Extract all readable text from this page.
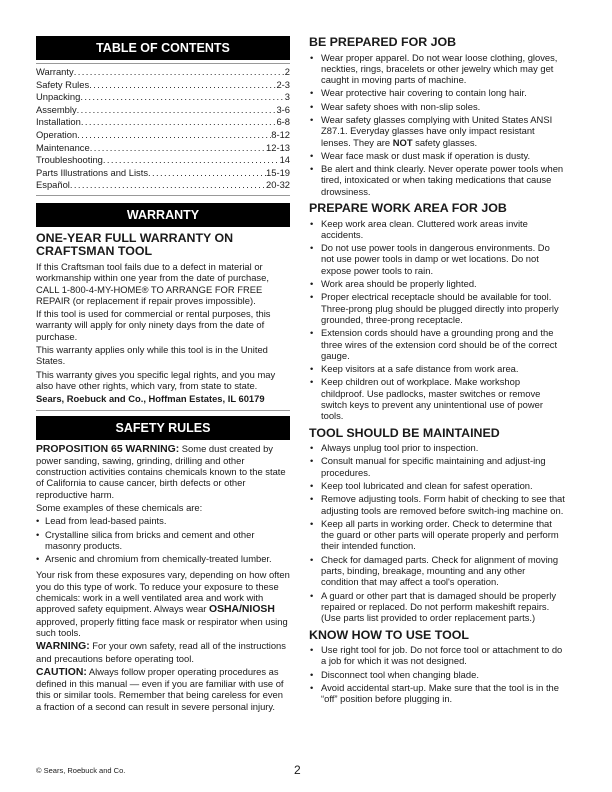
TABLE OF CONTENTS
Warranty .....	2
Safety Rules .....	2-3
Unpacking .....	3
Assembly .....	3-6
Installation .....	6-8
Operation .....	8-12
Maintenance .....	12-13
Troubleshooting .....	14
Parts Illustrations and Lists .....	15-19
Español .....	20-32
WARRANTY
ONE-YEAR FULL WARRANTY ON CRAFTSMAN TOOL

If this Craftsman tool fails due to a defect in material or workmanship within one year from the date of purchase, CALL 1-800-4-MY-HOME® TO ARRANGE FOR FREE REPAIR (or replacement if repair proves impossible).

If this tool is used for commercial or rental purposes, this warranty will apply for only ninety days from the date of purchase.

This warranty applies only while this tool is in the United States.

This warranty gives you specific legal rights, and you may also have other rights, which vary, from state to state.

Sears, Roebuck and Co., Hoffman Estates, IL 60179

SAFETY RULES

PROPOSITION 65 WARNING: Some dust created by power sanding, sawing, grinding, drilling and other construction activities contains chemicals known to the state of California to cause cancer, birth defects or other reproductive harm.

Some examples of these chemicals are:

• Lead from lead-based paints.
• Crystalline silica from bricks and cement and other masonry products.
• Arsenic and chromium from chemically-treated lumber.

Your risk from these exposures vary, depending on how often you do this type of work. To reduce your exposure to these chemicals: work in a well ventilated area and work with approved safety equipment. Always wear OSHA/NIOSH approved, properly fitting face mask or respirator when using such tools.

WARNING: For your own safety, read all of the instructions and precautions before operating tool.

CAUTION: Always follow proper operating procedures as defined in this manual — even if you are familiar with use of this or similar tools. Remember that being careless for even a fraction of a second can result in severe personal injury.

BE PREPARED FOR JOB
• Wear proper apparel. Do not wear loose clothing, gloves, neckties, rings, bracelets or other jewelry which may get caught in moving parts of machine.
• Wear protective hair covering to contain long hair.
• Wear safety shoes with non-slip soles.
• Wear safety glasses complying with United States ANSI Z87.1. Everyday glasses have only impact resistant lenses. They are NOT safety glasses.
• Wear face mask or dust mask if operation is dusty.
• Be alert and think clearly. Never operate power tools when tired, intoxicated or when taking medications that cause drowsiness.
PREPARE WORK AREA FOR JOB
• Keep work area clean. Cluttered work areas invite accidents.
• Do not use power tools in dangerous environments. Do not use power tools in damp or wet locations. Do not expose power tools to rain.
• Work area should be properly lighted.
• Proper electrical receptacle should be available for tool. Three-prong plug should be plugged directly into properly grounded, three-prong receptacle.
• Extension cords should have a grounding prong and the three wires of the extension cord should be of the correct gauge.
• Keep visitors at a safe distance from work area.
• Keep children out of workplace. Make workshop childproof. Use padlocks, master switches or remove switch keys to prevent any unintentional use of power tools.
TOOL SHOULD BE MAINTAINED
• Always unplug tool prior to inspection.
• Consult manual for specific maintaining and adjust-ing procedures.
• Keep tool lubricated and clean for safest operation.
• Remove adjusting tools. Form habit of checking to see that adjusting tools are removed before switch-ing machine on.
• Keep all parts in working order. Check to determine that the guard or other parts will operate properly and perform their intended function.
• Check for damaged parts. Check for alignment of moving parts, binding, breakage, mounting and any other condition that may affect a tool's operation.
• A guard or other part that is damaged should be properly repaired or replaced. Do not perform makeshift repairs. (Use parts list provided to order replacement parts.)
KNOW HOW TO USE TOOL
• Use right tool for job. Do not force tool or attachment to do a job for which it was not designed.
• Disconnect tool when changing blade.
• Avoid accidental start-up. Make sure that the tool is in the “off” position before plugging in.
© Sears, Roebuck and Co.	2
